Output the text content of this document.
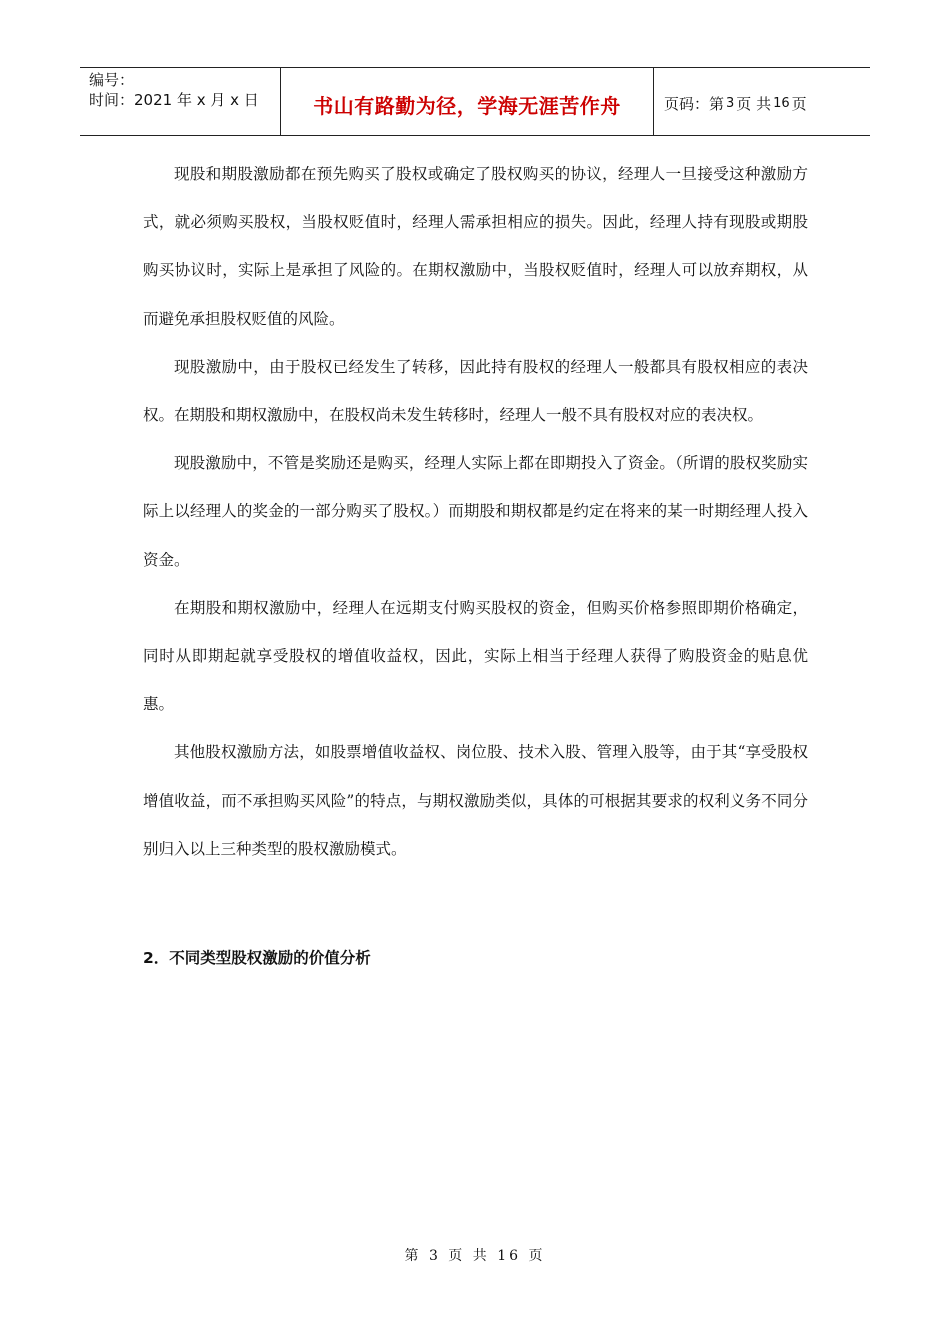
编号：
时间：2021 年 x 月 x 日	书山有路勤为径，学海无涯苦作舟	页码：第 3 页 共 16 页

现股和期股激励都在预先购买了股权或确定了股权购买的协议，经理人一旦接受这种激励方式，就必须购买股权，当股权贬值时，经理人需承担相应的损失。因此，经理人持有现股或期股购买协议时，实际上是承担了风险的。在期权激励中，当股权贬值时，经理人可以放弃期权，从而避免承担股权贬值的风险。

现股激励中，由于股权已经发生了转移，因此持有股权的经理人一般都具有股权相应的表决权。在期股和期权激励中，在股权尚未发生转移时，经理人一般不具有股权对应的表决权。

现股激励中，不管是奖励还是购买，经理人实际上都在即期投入了资金。（所谓的股权奖励实际上以经理人的奖金的一部分购买了股权。）而期股和期权都是约定在将来的某一时期经理人投入资金。

在期股和期权激励中，经理人在远期支付购买股权的资金，但购买价格参照即期价格确定，同时从即期起就享受股权的增值收益权，因此，实际上相当于经理人获得了购股资金的贴息优惠。

其他股权激励方法，如股票增值收益权、岗位股、技术入股、管理入股等，由于其“享受股权增值收益，而不承担购买风险”的特点，与期权激励类似，具体的可根据其要求的权利义务不同分别归入以上三种类型的股权激励模式。

2．不同类型股权激励的价值分析
第 3 页 共 16 页
